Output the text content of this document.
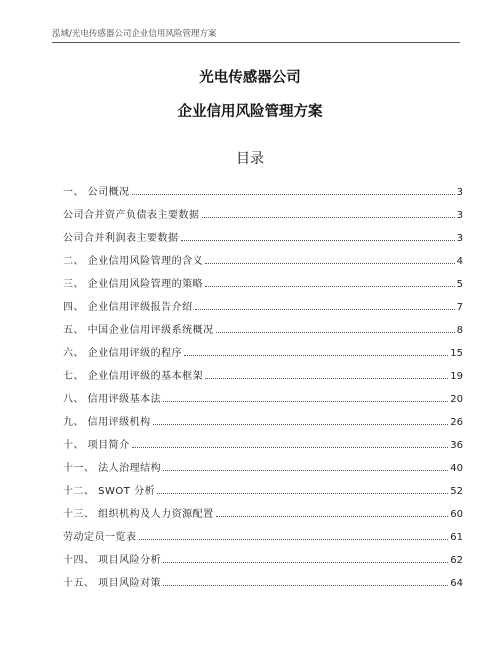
泓域/光电传感器公司企业信用风险管理方案
光电传感器公司
企业信用风险管理方案
目录
一、 公司概况	3
公司合并资产负债表主要数据	3
公司合并利润表主要数据	3
二、 企业信用风险管理的含义	4
三、 企业信用风险管理的策略	5
四、 企业信用评级报告介绍	7
五、 中国企业信用评级系统概况	8
六、 企业信用评级的程序	15
七、 企业信用评级的基本框架	19
八、 信用评级基本法	20
九、 信用评级机构	26
十、 项目简介	36
十一、 法人治理结构	40
十二、 SWOT 分析	52
十三、 组织机构及人力资源配置	60
劳动定员一览表	61
十四、 项目风险分析	62
十五、 项目风险对策	64
